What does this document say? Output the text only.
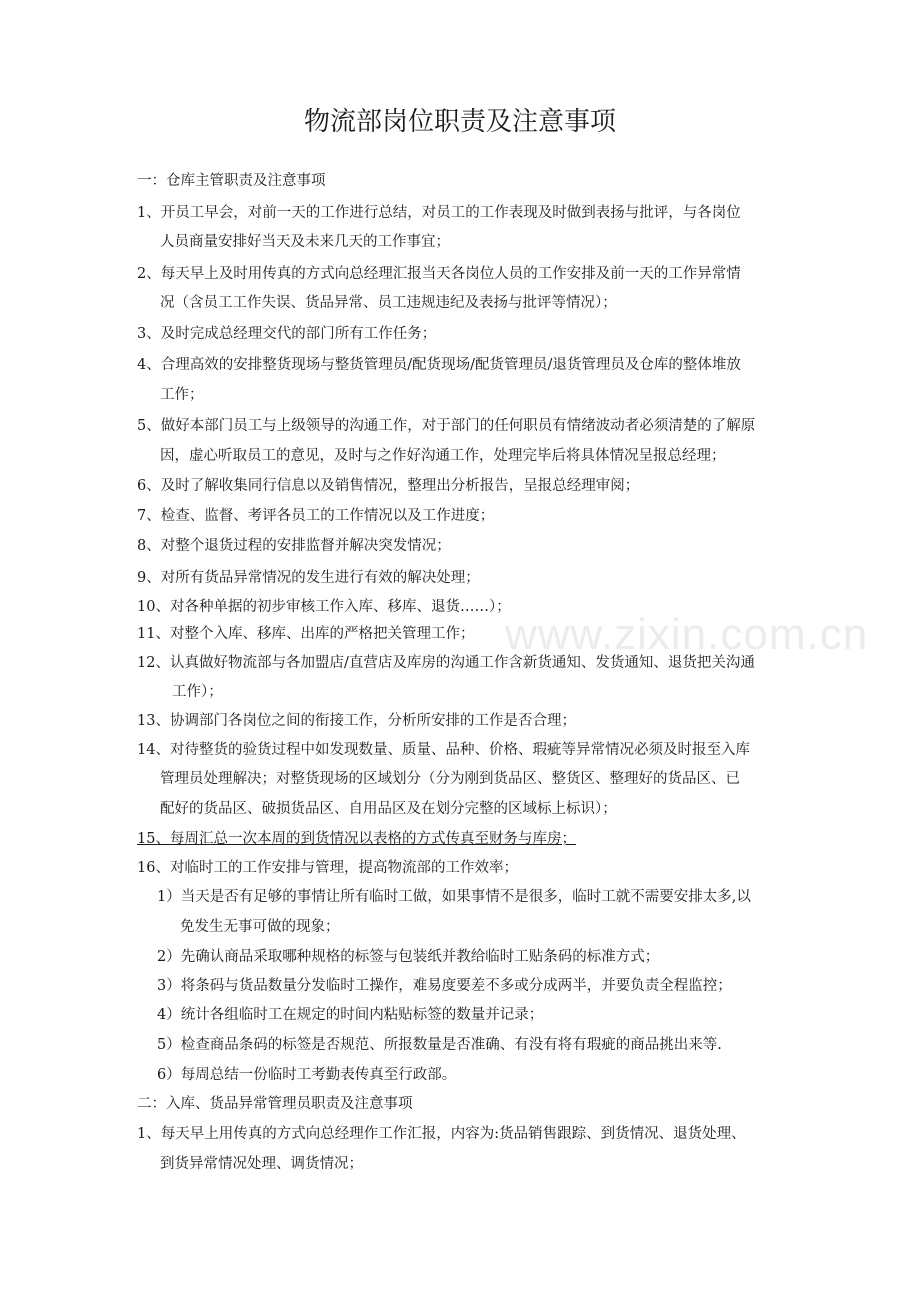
www.zixin.com.cn
物流部岗位职责及注意事项
一：仓库主管职责及注意事项
1、开员工早会，对前一天的工作进行总结，对员工的工作表现及时做到表扬与批评，与各岗位
人员商量安排好当天及未来几天的工作事宜；
2、每天早上及时用传真的方式向总经理汇报当天各岗位人员的工作安排及前一天的工作异常情
况（含员工工作失误、货品异常、员工违规违纪及表扬与批评等情况）；
3、及时完成总经理交代的部门所有工作任务；
4、合理高效的安排整货现场与整货管理员/配货现场/配货管理员/退货管理员及仓库的整体堆放
工作；
5、做好本部门员工与上级领导的沟通工作，对于部门的任何职员有情绪波动者必须清楚的了解原
因，虚心听取员工的意见，及时与之作好沟通工作，处理完毕后将具体情况呈报总经理；
6、及时了解收集同行信息以及销售情况，整理出分析报告，呈报总经理审阅；
7、检查、监督、考评各员工的工作情况以及工作进度；
8、对整个退货过程的安排监督并解决突发情况；
9、对所有货品异常情况的发生进行有效的解决处理；
10、对各种单据的初步审核工作入库、移库、退货……）；
11、对整个入库、移库、出库的严格把关管理工作；
12、认真做好物流部与各加盟店/直营店及库房的沟通工作含新货通知、发货通知、退货把关沟通
工作）；
13、协调部门各岗位之间的衔接工作，分析所安排的工作是否合理；
14、对待整货的验货过程中如发现数量、质量、品种、价格、瑕疵等异常情况必须及时报至入库
管理员处理解决；对整货现场的区域划分（分为刚到货品区、整货区、整理好的货品区、已
配好的货品区、破损货品区、自用品区及在划分完整的区域标上标识）；
15、每周汇总一次本周的到货情况以表格的方式传真至财务与库房；
16、对临时工的工作安排与管理，提高物流部的工作效率；
1）当天是否有足够的事情让所有临时工做，如果事情不是很多，临时工就不需要安排太多,以
免发生无事可做的现象；
2）先确认商品采取哪种规格的标签与包装纸并教给临时工贴条码的标准方式；
3）将条码与货品数量分发临时工操作，难易度要差不多或分成两半，并要负责全程监控；
4）统计各组临时工在规定的时间内粘贴标签的数量并记录；
5）检查商品条码的标签是否规范、所报数量是否准确、有没有将有瑕疵的商品挑出来等.
6）每周总结一份临时工考勤表传真至行政部。
二：入库、货品异常管理员职责及注意事项
1、每天早上用传真的方式向总经理作工作汇报，内容为:货品销售跟踪、到货情况、退货处理、
到货异常情况处理、调货情况；
